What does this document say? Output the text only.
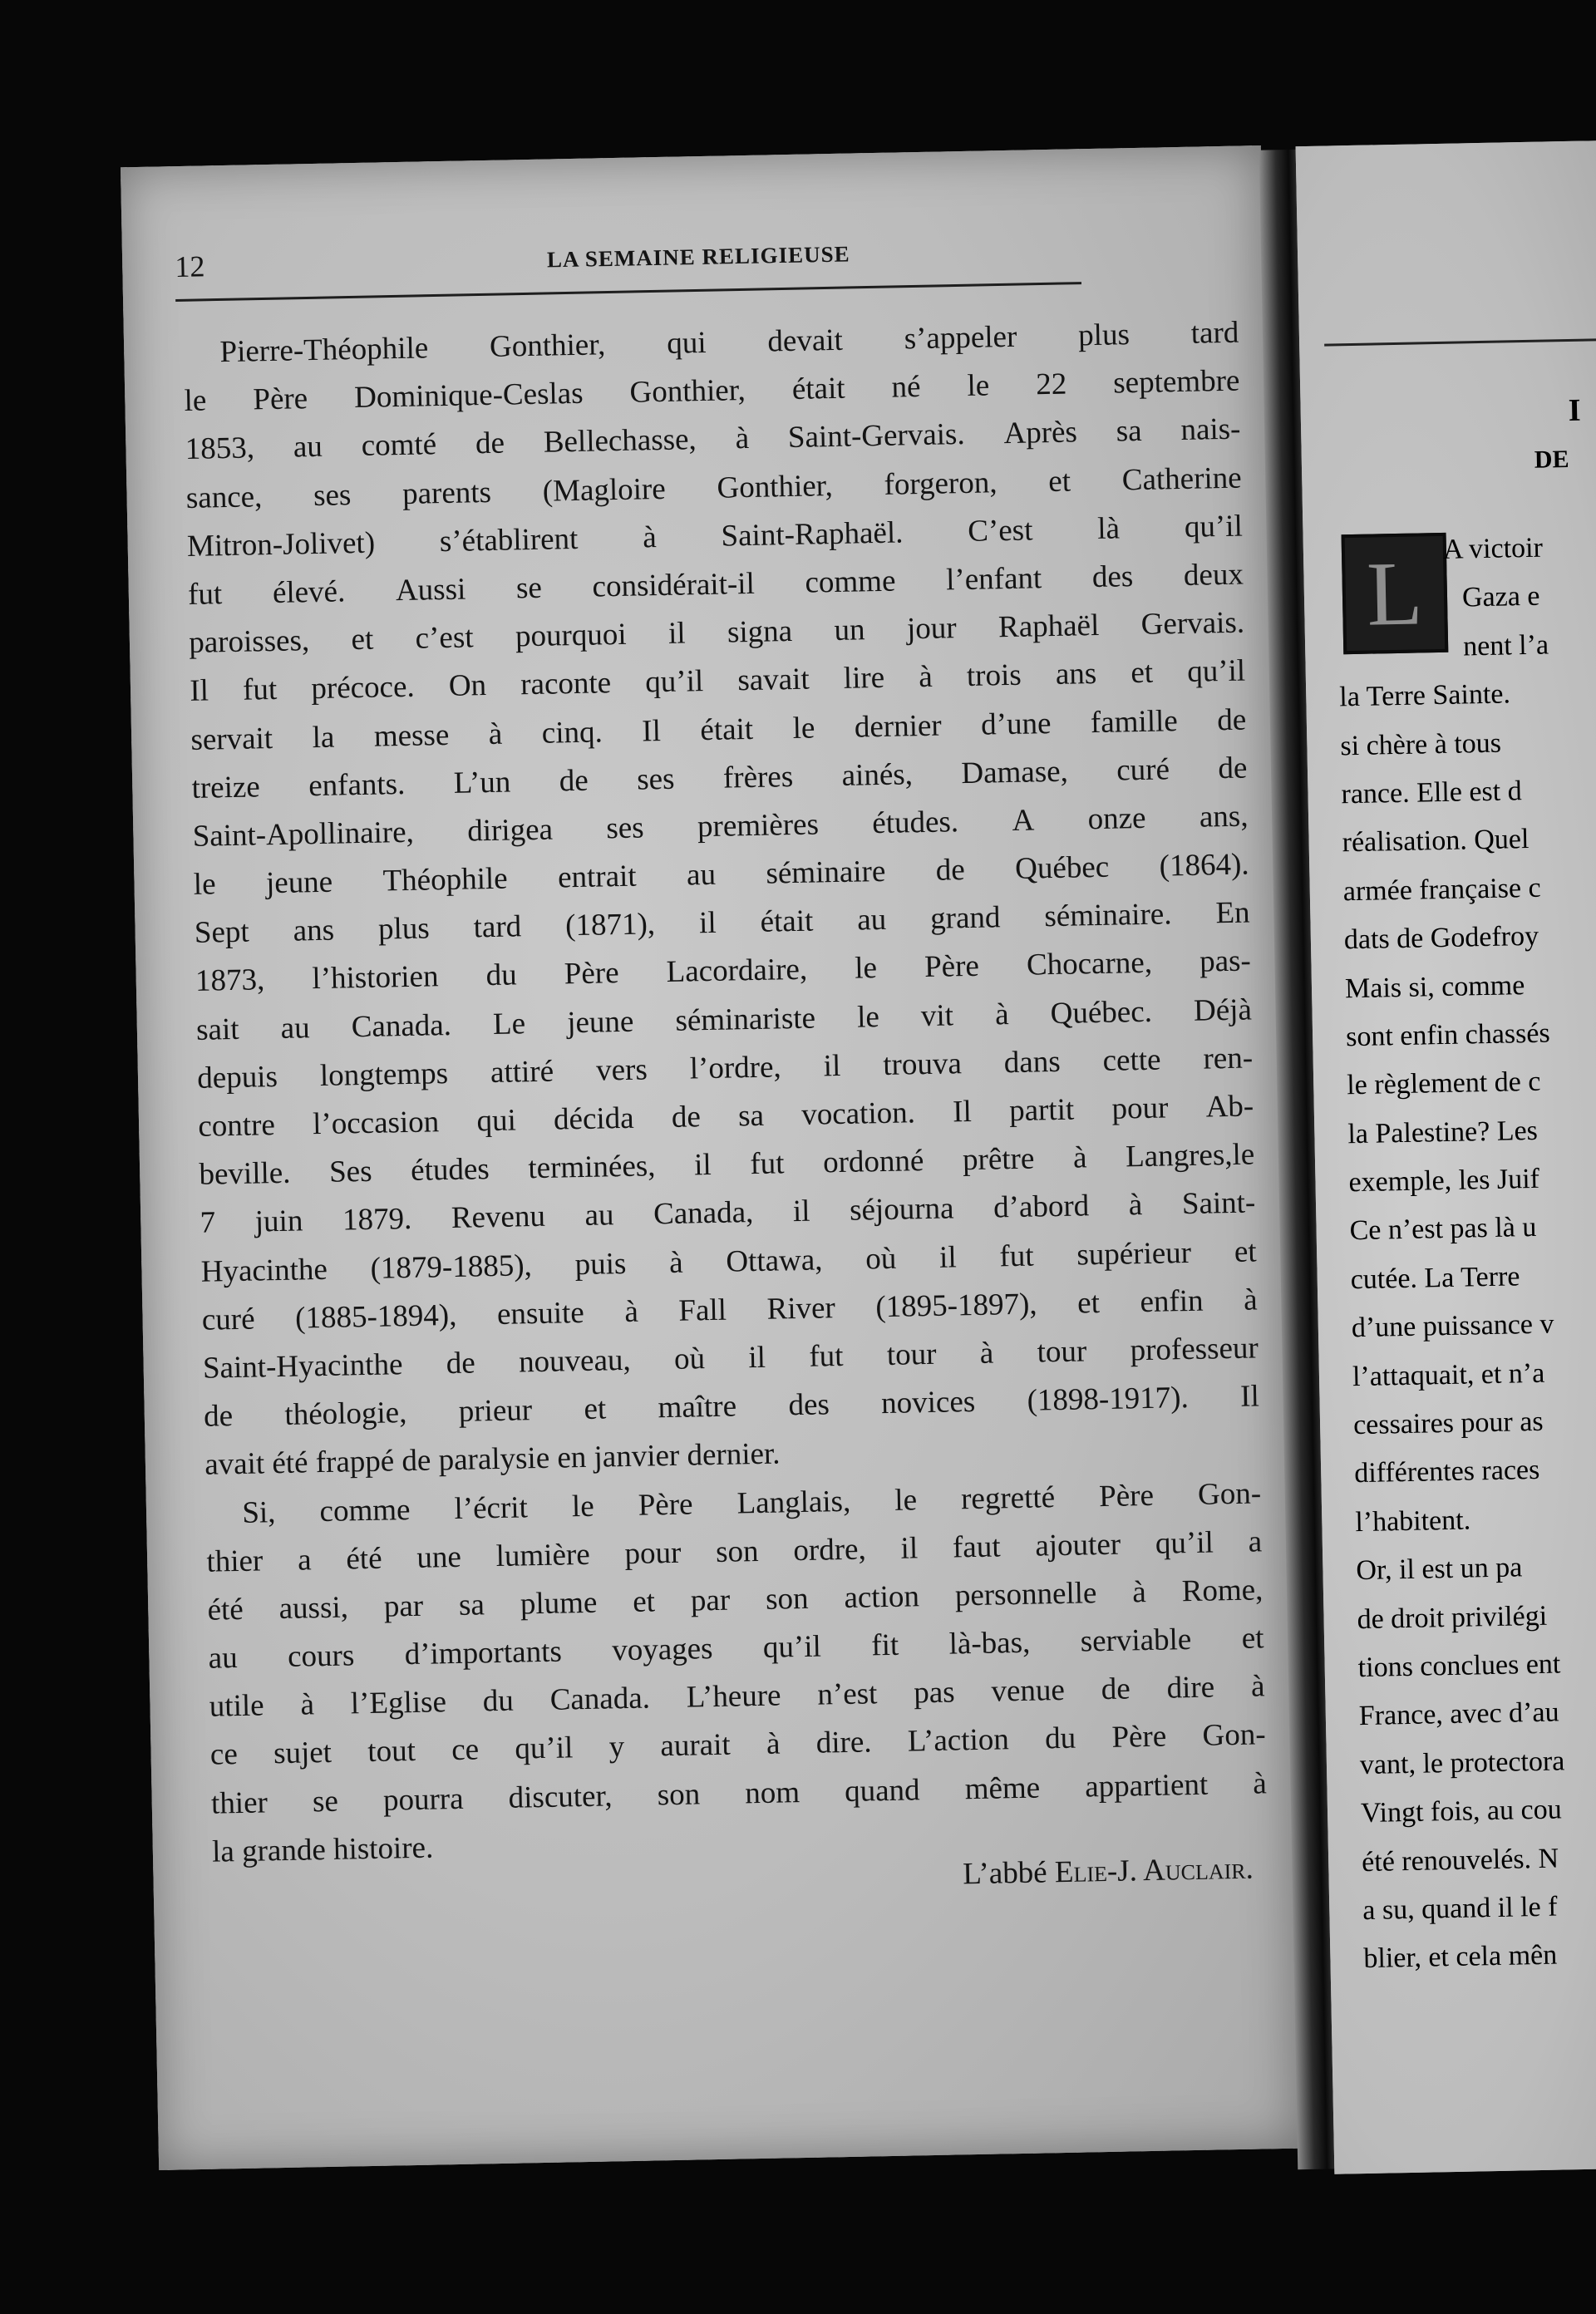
I
DE
L A victoir
Gaza e
nent l’a
la Terre Sainte.
si chère à tous
rance. Elle est d
réalisation. Quel
armée française c
dats de Godefroy
Mais si, comme
sont enfin chassés
le règlement de c
la Palestine? Les
exemple, les Juif
Ce n’est pas là u
cutée. La Terre
d’une puissance v
l’attaquait, et n’a
cessaires pour as
différentes races
l’habitent.
Or, il est un pa
de droit privilégi
tions conclues ent
France, avec d’au
vant, le protectora
Vingt fois, au cou
été renouvelés. N
a su, quand il le f
blier, et cela mên
12	LA SEMAINE RELIGIEUSE
Pierre-Théophile Gonthier, qui devait s’appeler plus tard
le Père Dominique-Ceslas Gonthier, était né le 22 septembre
1853, au comté de Bellechasse, à Saint-Gervais. Après sa nais-
sance, ses parents (Magloire Gonthier, forgeron, et Catherine
Mitron-Jolivet) s’établirent à Saint-Raphaël. C’est là qu’il
fut élevé. Aussi se considérait-il comme l’enfant des deux
paroisses, et c’est pourquoi il signa un jour Raphaël Gervais.
Il fut précoce. On raconte qu’il savait lire à trois ans et qu’il
servait la messe à cinq. Il était le dernier d’une famille de
treize enfants. L’un de ses frères ainés, Damase, curé de
Saint-Apollinaire, dirigea ses premières études. A onze ans,
le jeune Théophile entrait au séminaire de Québec (1864).
Sept ans plus tard (1871), il était au grand séminaire. En
1873, l’historien du Père Lacordaire, le Père Chocarne, pas-
sait au Canada. Le jeune séminariste le vit à Québec. Déjà
depuis longtemps attiré vers l’ordre, il trouva dans cette ren-
contre l’occasion qui décida de sa vocation. Il partit pour Ab-
beville. Ses études terminées, il fut ordonné prêtre à Langres,le
7 juin 1879. Revenu au Canada, il séjourna d’abord à Saint-
Hyacinthe (1879-1885), puis à Ottawa, où il fut supérieur et
curé (1885-1894), ensuite à Fall River (1895-1897), et enfin à
Saint-Hyacinthe de nouveau, où il fut tour à tour professeur
de théologie, prieur et maître des novices (1898-1917). Il
avait été frappé de paralysie en janvier dernier.
Si, comme l’écrit le Père Langlais, le regretté Père Gon-
thier a été une lumière pour son ordre, il faut ajouter qu’il a
été aussi, par sa plume et par son action personnelle à Rome,
au cours d’importants voyages qu’il fit là-bas, serviable et
utile à l’Eglise du Canada. L’heure n’est pas venue de dire à
ce sujet tout ce qu’il y aurait à dire. L’action du Père Gon-
thier se pourra discuter, son nom quand même appartient à
la grande histoire.
L’abbé Elie-J. Auclair.
